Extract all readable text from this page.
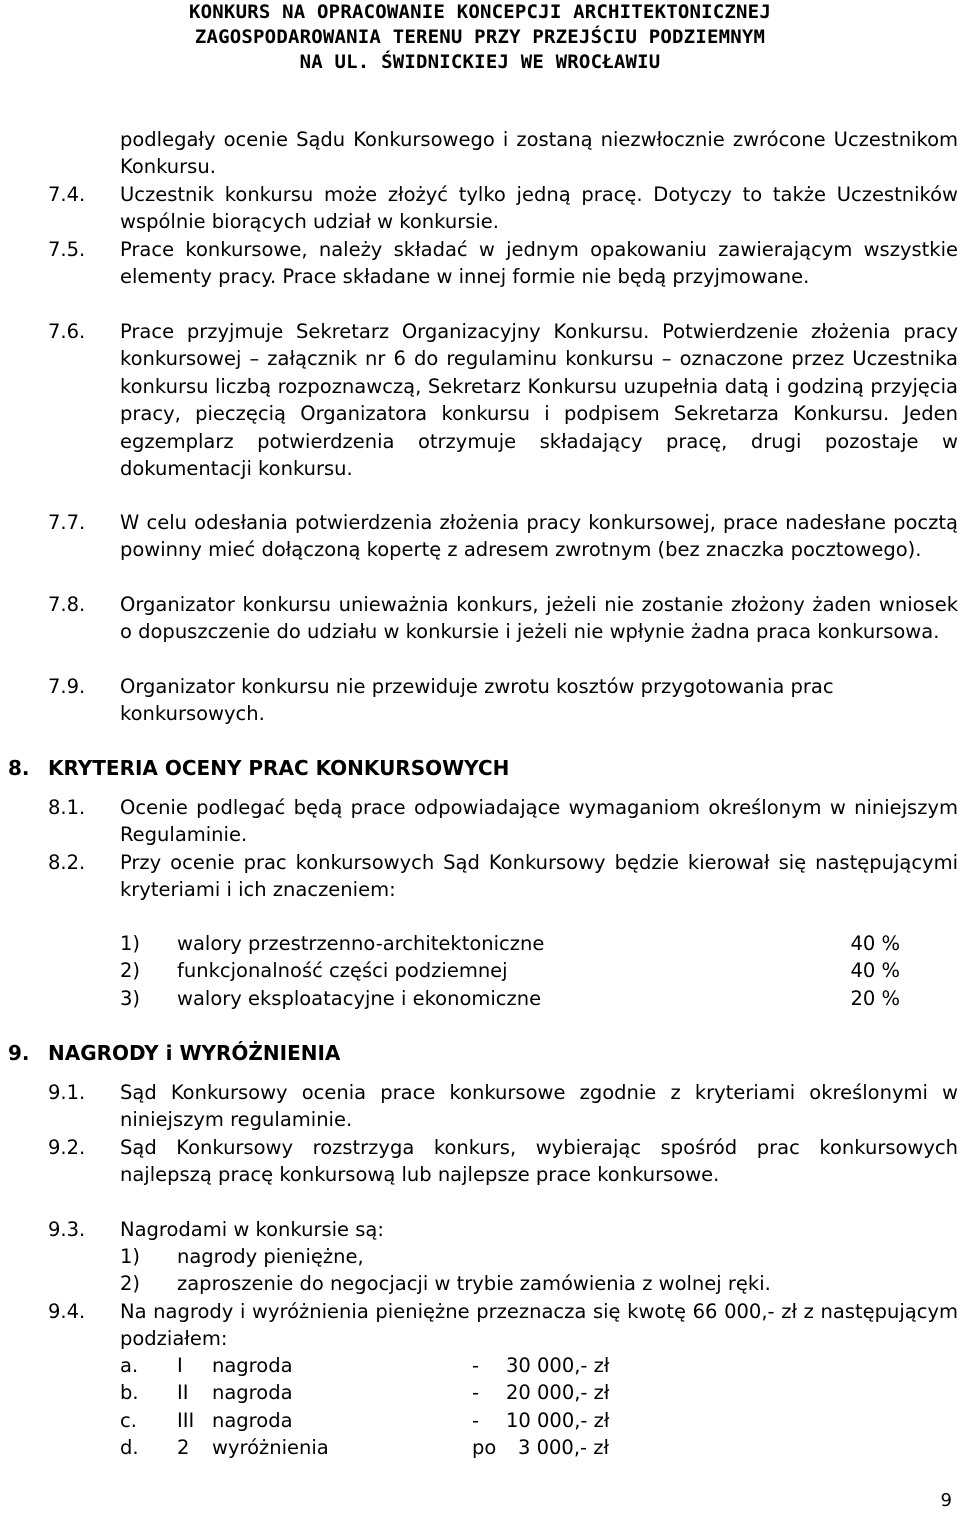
KONKURS NA OPRACOWANIE KONCEPCJI ARCHITEKTONICZNEJ
ZAGOSPODAROWANIA TERENU PRZY PRZEJŚCIU PODZIEMNYM
NA UL. ŚWIDNICKIEJ WE WROCŁAWIU
podlegały ocenie Sądu Konkursowego i zostaną niezwłocznie zwrócone Uczestnikom Konkursu.
7.4.	Uczestnik konkursu może złożyć tylko jedną pracę. Dotyczy to także Uczestników wspólnie biorących udział w konkursie.
7.5.	Prace konkursowe, należy składać w jednym opakowaniu zawierającym wszystkie elementy pracy. Prace składane w innej formie nie będą przyjmowane.
7.6.	Prace przyjmuje Sekretarz Organizacyjny Konkursu. Potwierdzenie złożenia pracy konkursowej – załącznik nr 6 do regulaminu konkursu – oznaczone przez Uczestnika konkursu liczbą rozpoznawczą, Sekretarz Konkursu uzupełnia datą i godziną przyjęcia pracy, pieczęcią Organizatora konkursu i podpisem Sekretarza Konkursu. Jeden egzemplarz potwierdzenia otrzymuje składający pracę, drugi pozostaje w dokumentacji konkursu.
7.7.	W celu odesłania potwierdzenia złożenia pracy konkursowej, prace nadesłane pocztą powinny mieć dołączoną kopertę z adresem zwrotnym (bez znaczka pocztowego).
7.8.	Organizator konkursu unieważnia konkurs, jeżeli nie zostanie złożony żaden wniosek o dopuszczenie do udziału w konkursie i jeżeli nie wpłynie żadna praca konkursowa.
7.9.	Organizator konkursu nie przewiduje zwrotu kosztów przygotowania prac konkursowych.
8. KRYTERIA OCENY PRAC KONKURSOWYCH
8.1.	Ocenie podlegać będą prace odpowiadające wymaganiom określonym w niniejszym Regulaminie.
8.2.	Przy ocenie prac konkursowych Sąd Konkursowy będzie kierował się następującymi kryteriami i ich znaczeniem:
1)	walory przestrzenno-architektoniczne	40 %
2)	funkcjonalność części podziemnej	40 %
3)	walory eksploatacyjne i ekonomiczne	20 %
9. NAGRODY i WYRÓŻNIENIA
9.1.	Sąd Konkursowy ocenia prace konkursowe zgodnie z kryteriami określonymi w niniejszym regulaminie.
9.2.	Sąd Konkursowy rozstrzyga konkurs, wybierając spośród prac konkursowych najlepszą pracę konkursową lub najlepsze prace konkursowe.
9.3.	Nagrodami w konkursie są:
1)	nagrody pieniężne,
2)	zaproszenie do negocjacji w trybie zamówienia z wolnej ręki.
9.4.	Na nagrody i wyróżnienia pieniężne przeznacza się kwotę 66 000,- zł z następującym podziałem:
a. I nagroda	- 30 000,- zł
b. II nagroda	- 20 000,- zł
c. III nagroda	- 10 000,- zł
d. 2 wyróżnienia	po 3 000,- zł
9
